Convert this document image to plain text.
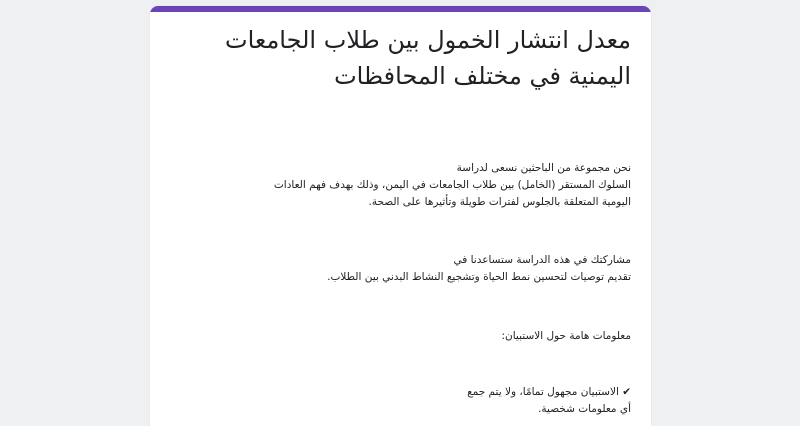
معدل انتشار الخمول بين طلاب الجامعات اليمنية في مختلف المحافظات
نحن مجموعة من الباحثين نسعى لدراسة
السلوك المستقر (الخامل) بين طلاب الجامعات في اليمن، وذلك بهدف فهم العادات
اليومية المتعلقة بالجلوس لفترات طويلة وتأثيرها على الصحة.
مشاركتك في هذه الدراسة ستساعدنا في
تقديم توصيات لتحسين نمط الحياة وتشجيع النشاط البدني بين الطلاب.
معلومات هامة حول الاستبيان:
✔ الاستبيان مجهول تمامًا، ولا يتم جمع
أي معلومات شخصية.
